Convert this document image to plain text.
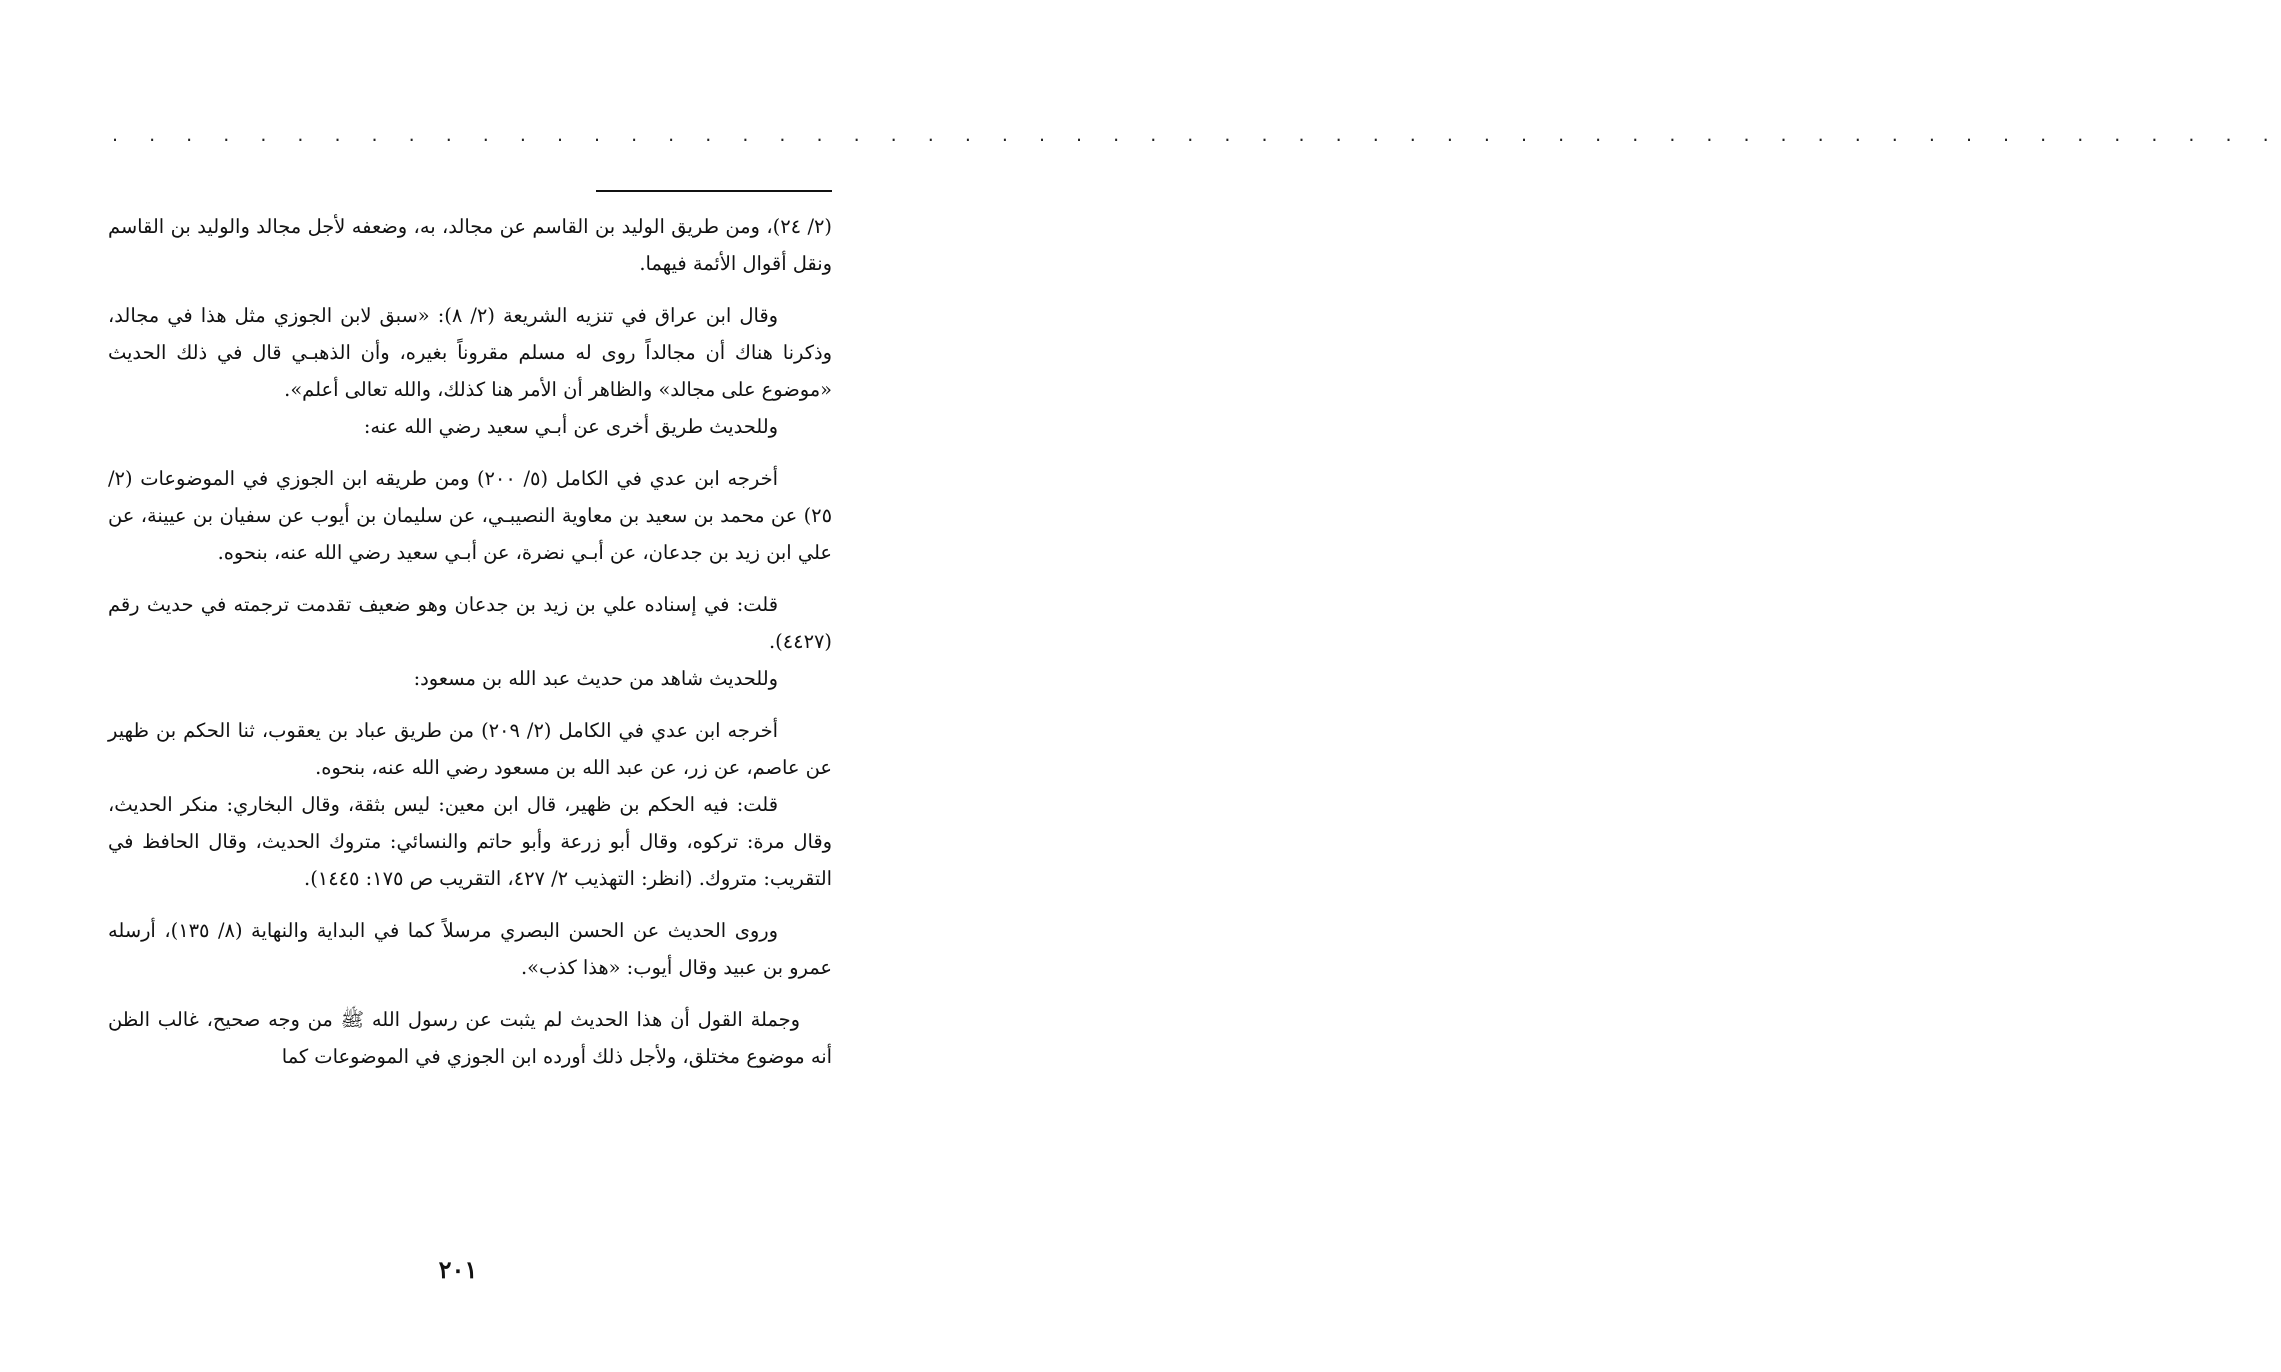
. . . . . . . . . . . . . . . . . . . . . . . . . . . . . . . . . . . . . . . . . . . . . . . . . . . . . . . . . . .

(٢/ ٢٤)، ومن طريق الوليد بن القاسم عن مجالد، به، وضعفه لأجل مجالد والوليد بن القاسم ونقل أقوال الأئمة فيهما.

وقال ابن عراق في تنزيه الشريعة (٢/ ٨): «سبق لابن الجوزي مثل هذا في مجالد، وذكرنا هناك أن مجالداً روى له مسلم مقروناً بغيره، وأن الذهبـي قال في ذلك الحديث «موضوع على مجالد» والظاهر أن الأمر هنا كذلك، والله تعالى أعلم».

وللحديث طريق أخرى عن أبـي سعيد رضي الله عنه:

أخرجه ابن عدي في الكامل (٥/ ٢٠٠) ومن طريقه ابن الجوزي في الموضوعات (٢/ ٢٥) عن محمد بن سعيد بن معاوية النصيبـي، عن سليمان بن أيوب عن سفيان بن عيينة، عن علي ابن زيد بن جدعان، عن أبـي نضرة، عن أبـي سعيد رضي الله عنه، بنحوه.

قلت: في إسناده علي بن زيد بن جدعان وهو ضعيف تقدمت ترجمته في حديث رقم (٤٤٢٧).

وللحديث شاهد من حديث عبد الله بن مسعود:

أخرجه ابن عدي في الكامل (٢/ ٢٠٩) من طريق عباد بن يعقوب، ثنا الحكم بن ظهير عن عاصم، عن زر، عن عبد الله بن مسعود رضي الله عنه، بنحوه.

قلت: فيه الحكم بن ظهير، قال ابن معين: ليس بثقة، وقال البخاري: منكر الحديث، وقال مرة: تركوه، وقال أبو زرعة وأبو حاتم والنسائي: متروك الحديث، وقال الحافظ في التقريب: متروك. (انظر: التهذيب ٢/ ٤٢٧، التقريب ص ١٧٥: ١٤٤٥).

وروى الحديث عن الحسن البصري مرسلاً كما في البداية والنهاية (٨/ ١٣٥)، أرسله عمرو بن عبيد وقال أيوب: «هذا كذب».

وجملة القول أن هذا الحديث لم يثبت عن رسول الله ﷺ من وجه صحيح، غالب الظن أنه موضوع مختلق، ولأجل ذلك أورده ابن الجوزي في الموضوعات كما

٢٠١
